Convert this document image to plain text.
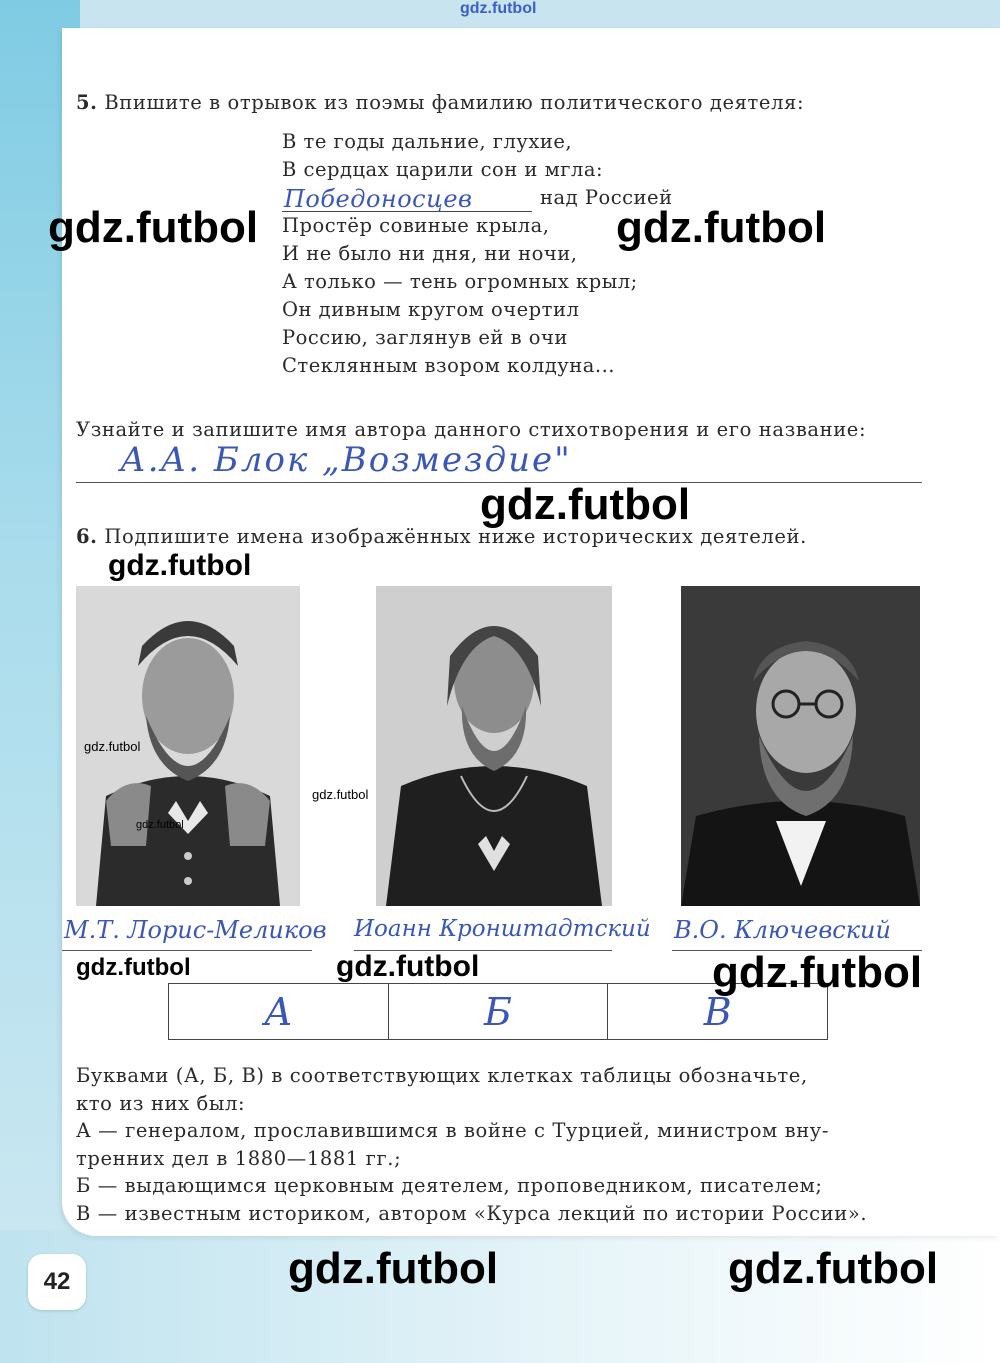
gdz.futbol
5. Впишите в отрывок из поэмы фамилию политического деятеля:
В те годы дальние, глухие,
В сердцах царили сон и мгла:
Победоносцев	над Россией
Простёр совиные крыла,
И не было ни дня, ни ночи,
А только — тень огромных крыл;
Он дивным кругом очертил
Россию, заглянув ей в очи
Стеклянным взором колдуна...
Узнайте и запишите имя автора данного стихотворения и его название:
А.А. Блок „Возмездие"
6. Подпишите имена изображённых ниже исторических деятелей.
М.Т. Лорис-Меликов Иоанн Кронштадтский В.О. Ключевский
А	Б	В
Буквами (А, Б, В) в соответствующих клетках таблицы обозначьте,
кто из них был:
А — генералом, прославившимся в войне с Турцией, министром вну-
тренних дел в 1880—1881 гг.;
Б — выдающимся церковным деятелем, проповедником, писателем;
В — известным историком, автором «Курса лекций по истории России».
42
gdz.futbol	gdz.futbol
gdz.futbol
gdz.futbol
gdz.futbol
gdz.futbol
gdz.futbol
gdz.futbol	gdz.futbol	gdz.futbol
gdz.futbol	gdz.futbol
